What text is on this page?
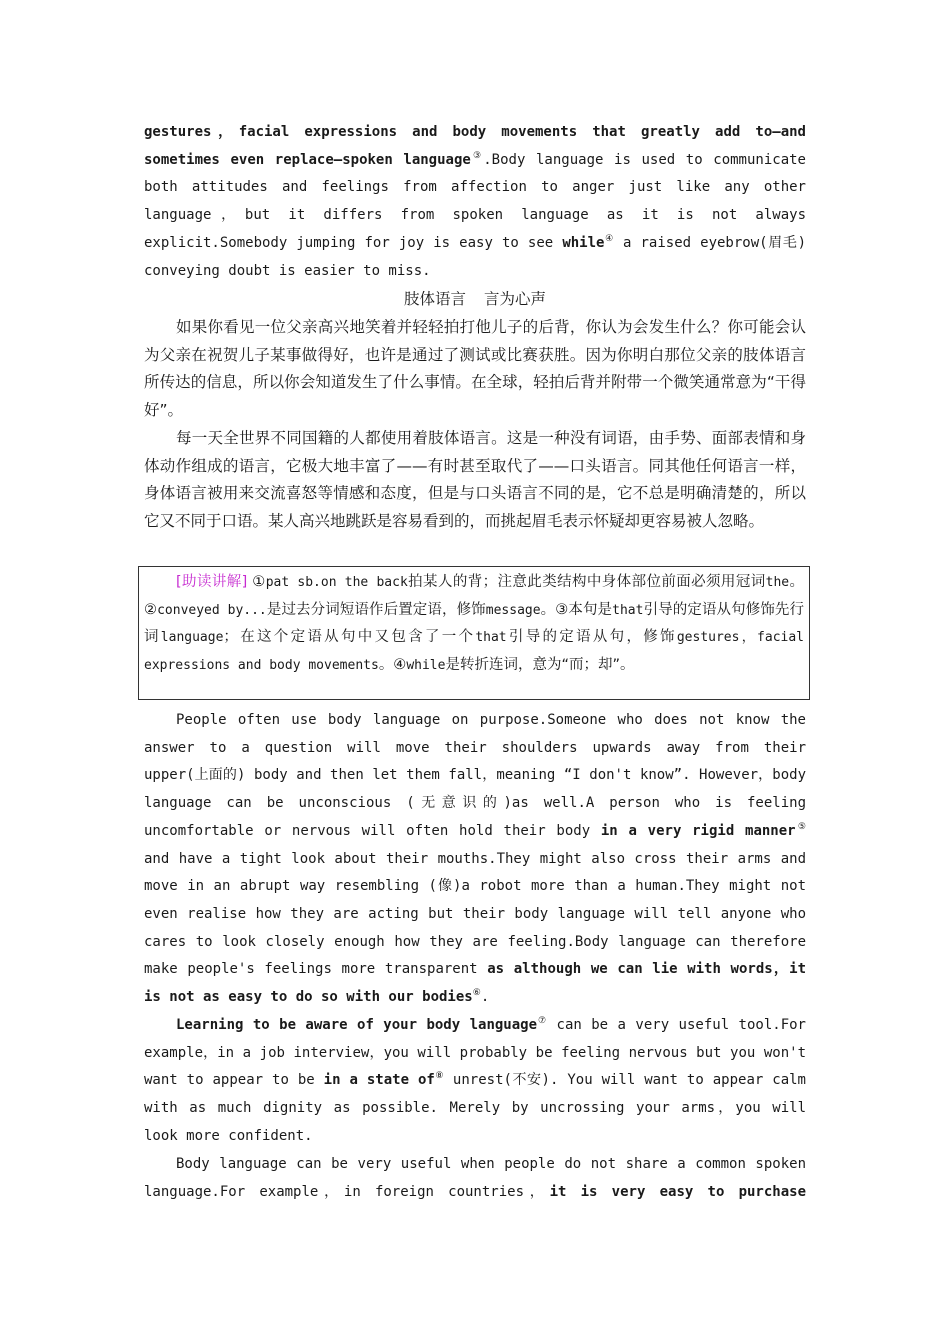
gestures，facial expressions and body movements that greatly add to—and sometimes even replace—spoken language③.Body language is used to communicate both attitudes and feelings from affection to anger just like any other language，but it differs from spoken language as it is not always explicit.Somebody jumping for joy is easy to see while④ a raised eyebrow(眉毛) conveying doubt is easier to miss.
肢体语言 言为心声
如果你看见一位父亲高兴地笑着并轻轻拍打他儿子的后背，你认为会发生什么？你可能会认为父亲在祝贺儿子某事做得好，也许是通过了测试或比赛获胜。因为你明白那位父亲的肢体语言所传达的信息，所以你会知道发生了什么事情。在全球，轻拍后背并附带一个微笑通常意为“干得好”。
每一天全世界不同国籍的人都使用着肢体语言。这是一种没有词语，由手势、面部表情和身体动作组成的语言，它极大地丰富了——有时甚至取代了——口头语言。同其他任何语言一样，身体语言被用来交流喜怒等情感和态度，但是与口头语言不同的是，它不总是明确清楚的，所以它又不同于口语。某人高兴地跳跃是容易看到的，而挑起眉毛表示怀疑却更容易被人忽略。
[助读讲解] ①pat sb.on the back拍某人的背；注意此类结构中身体部位前面必须用冠词the。②conveyed by...是过去分词短语作后置定语，修饰message。③本句是that引导的定语从句修饰先行词language；在这个定语从句中又包含了一个that引导的定语从句，修饰gestures，facial expressions and body movements。④while是转折连词，意为“而；却”。
People often use body language on purpose.Someone who does not know the answer to a question will move their shoulders upwards away from their upper(上面的) body and then let them fall，meaning “I don't know”. However，body language can be unconscious (无意识的)as well.A person who is feeling uncomfortable or nervous will often hold their body in a very rigid manner⑤ and have a tight look about their mouths.They might also cross their arms and move in an abrupt way resembling (像)a robot more than a human.They might not even realise how they are acting but their body language will tell anyone who cares to look closely enough how they are feeling.Body language can therefore make people's feelings more transparent as although we can lie with words，it is not as easy to do so with our bodies⑥.
Learning to be aware of your body language⑦ can be a very useful tool.For example，in a job interview，you will probably be feeling nervous but you won't want to appear to be in a state of⑧ unrest(不安). You will want to appear calm with as much dignity as possible. Merely by uncrossing your arms，you will look more confident.
Body language can be very useful when people do not share a common spoken language.For example，in foreign countries，it is very easy to purchase
